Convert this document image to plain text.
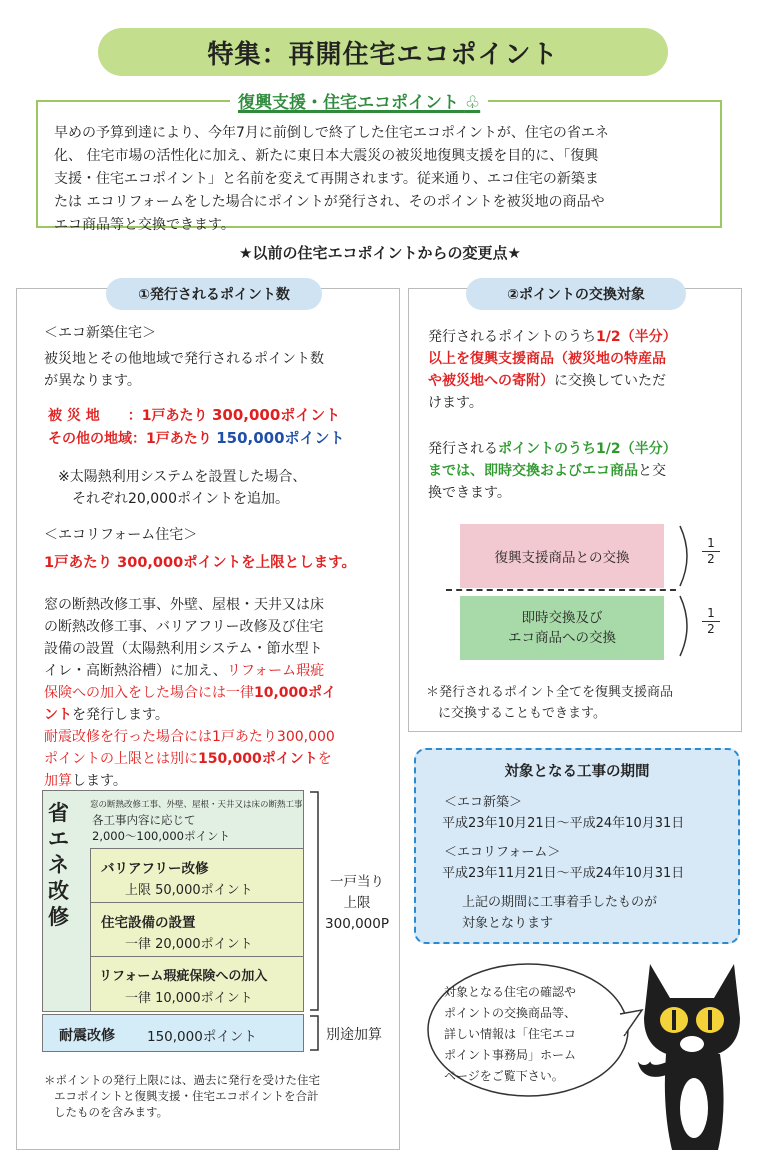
特集：再開住宅エコポイント
復興支援・住宅エコポイント ♧
早めの予算到達により、今年7月に前倒しで終了した住宅エコポイントが、住宅の省エネ
化、 住宅市場の活性化に加え、新たに東日本大震災の被災地復興支援を目的に、「復興
支援・住宅エコポイント」と名前を変えて再開されます。従来通り、エコ住宅の新築ま
たは エコリフォームをした場合にポイントが発行され、そのポイントを被災地の商品や
エコ商品等と交換できます。
★以前の住宅エコポイントからの変更点★
①発行されるポイント数
＜エコ新築住宅＞
被災地とその他地域で発行されるポイント数
が異なります。
被 災 地　　：1戸あたり 300,000ポイント
その他の地域：1戸あたり 150,000ポイント
※太陽熱利用システムを設置した場合、
それぞれ20,000ポイントを追加。
＜エコリフォーム住宅＞
1戸あたり 300,000ポイントを上限とします。
窓の断熱改修工事、外壁、屋根・天井又は床
の断熱改修工事、バリアフリー改修及び住宅
設備の設置（太陽熱利用システム・節水型ト
イレ・高断熱浴槽）に加え、リフォーム瑕疵
保険への加入をした場合には一律10,000ポイ
ントを発行します。
耐震改修を行った場合には1戸あたり300,000
ポイントの上限とは別に150,000ポイントを
加算します。
省エネ改修
窓の断熱改修工事、外壁、屋根・天井又は床の断熱工事
各工事内容に応じて
2,000～100,000ポイント
バリアフリー改修
上限 50,000ポイント
住宅設備の設置
一律 20,000ポイント
リフォーム瑕疵保険への加入
一律 10,000ポイント
耐震改修 150,000ポイント
一戸当り
上限
300,000P
別途加算
＊ポイントの発行上限には、過去に発行を受けた住宅
エコポイントと復興支援・住宅エコポイントを合計
したものを含みます。
②ポイントの交換対象
発行されるポイントのうち1/2（半分）
以上を復興支援商品（被災地の特産品
や被災地への寄附）に交換していただ
けます。
発行されるポイントのうち1/2（半分）
までは、即時交換およびエコ商品と交
換できます。
復興支援商品との交換
即時交換及び
エコ商品への交換
$\frac{1}{2}$
$\frac{1}{2}$
＊発行されるポイント全てを復興支援商品
に交換することもできます。
対象となる工事の期間
＜エコ新築＞
平成23年10月21日～平成24年10月31日
＜エコリフォーム＞
平成23年11月21日～平成24年10月31日
上記の期間に工事着手したものが
対象となります
対象となる住宅の確認や
ポイントの交換商品等、
詳しい情報は「住宅エコ
ポイント事務局」ホーム
ページをご覧下さい。
